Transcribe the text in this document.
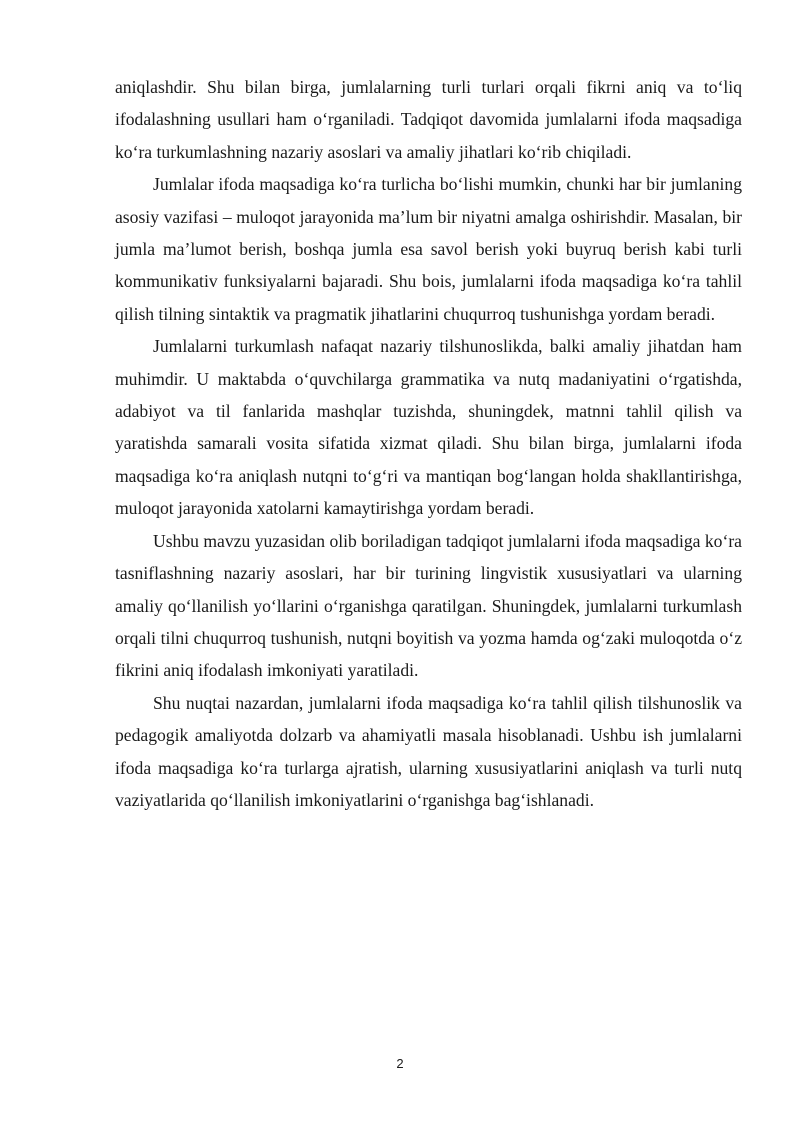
aniqlashdir. Shu bilan birga, jumlalarning turli turlari orqali fikrni aniq va to‘liq ifodalashning usullari ham o‘rganiladi. Tadqiqot davomida jumlalarni ifoda maqsadiga ko‘ra turkumlashning nazariy asoslari va amaliy jihatlari ko‘rib chiqiladi.

Jumlalar ifoda maqsadiga ko‘ra turlicha bo‘lishi mumkin, chunki har bir jumlaning asosiy vazifasi – muloqot jarayonida ma’lum bir niyatni amalga oshirishdir. Masalan, bir jumla ma’lumot berish, boshqa jumla esa savol berish yoki buyruq berish kabi turli kommunikativ funksiyalarni bajaradi. Shu bois, jumlalarni ifoda maqsadiga ko‘ra tahlil qilish tilning sintaktik va pragmatik jihatlarini chuqurroq tushunishga yordam beradi.

Jumlalarni turkumlash nafaqat nazariy tilshunoslikda, balki amaliy jihatdan ham muhimdir. U maktabda o‘quvchilarga grammatika va nutq madaniyatini o‘rgatishda, adabiyot va til fanlarida mashqlar tuzishda, shuningdek, matnni tahlil qilish va yaratishda samarali vosita sifatida xizmat qiladi. Shu bilan birga, jumlalarni ifoda maqsadiga ko‘ra aniqlash nutqni to‘g‘ri va mantiqan bog‘langan holda shakllantirishga, muloqot jarayonida xatolarni kamaytirishga yordam beradi.

Ushbu mavzu yuzasidan olib boriladigan tadqiqot jumlalarni ifoda maqsadiga ko‘ra tasniflashning nazariy asoslari, har bir turining lingvistik xususiyatlari va ularning amaliy qo‘llanilish yo‘llarini o‘rganishga qaratilgan. Shuningdek, jumlalarni turkumlash orqali tilni chuqurroq tushunish, nutqni boyitish va yozma hamda og‘zaki muloqotda o‘z fikrini aniq ifodalash imkoniyati yaratiladi.

Shu nuqtai nazardan, jumlalarni ifoda maqsadiga ko‘ra tahlil qilish tilshunoslik va pedagogik amaliyotda dolzarb va ahamiyatli masala hisoblanadi. Ushbu ish jumlalarni ifoda maqsadiga ko‘ra turlarga ajratish, ularning xususiyatlarini aniqlash va turli nutq vaziyatlarida qo‘llanilish imkoniyatlarini o‘rganishga bag‘ishlanadi.

2
